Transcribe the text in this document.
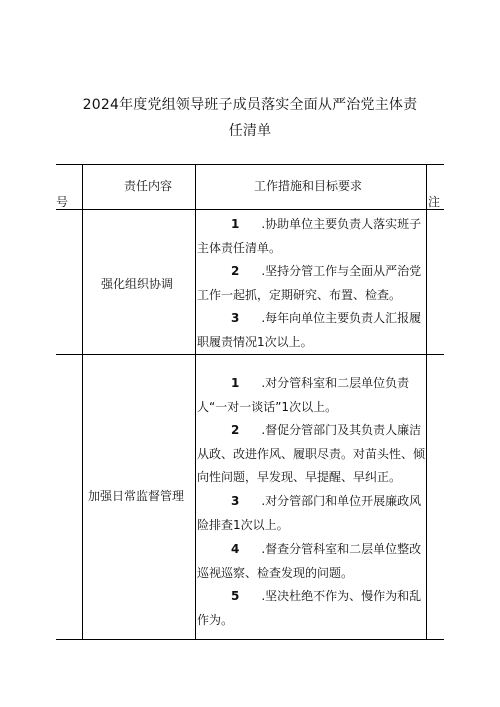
2024年度党组领导班子成员落实全面从严治党主体责
任清单
号
责任内容	工作措施和目标要求
注
强化组织协调
1 .协助单位主要负责人落实班子主体责任清单。
2 .坚持分管工作与全面从严治党工作一起抓，定期研究、布置、检查。
3 .每年向单位主要负责人汇报履职履责情况1次以上。
加强日常监督管理
1 .对分管科室和二层单位负责人“一对一谈话”1次以上。
2 .督促分管部门及其负责人廉洁从政、改进作风、履职尽责。对苗头性、倾向性问题，早发现、早提醒、早纠正。
3 .对分管部门和单位开展廉政风险排查1次以上。
4 .督查分管科室和二层单位整改巡视巡察、检查发现的问题。
5 .坚决杜绝不作为、慢作为和乱作为。
